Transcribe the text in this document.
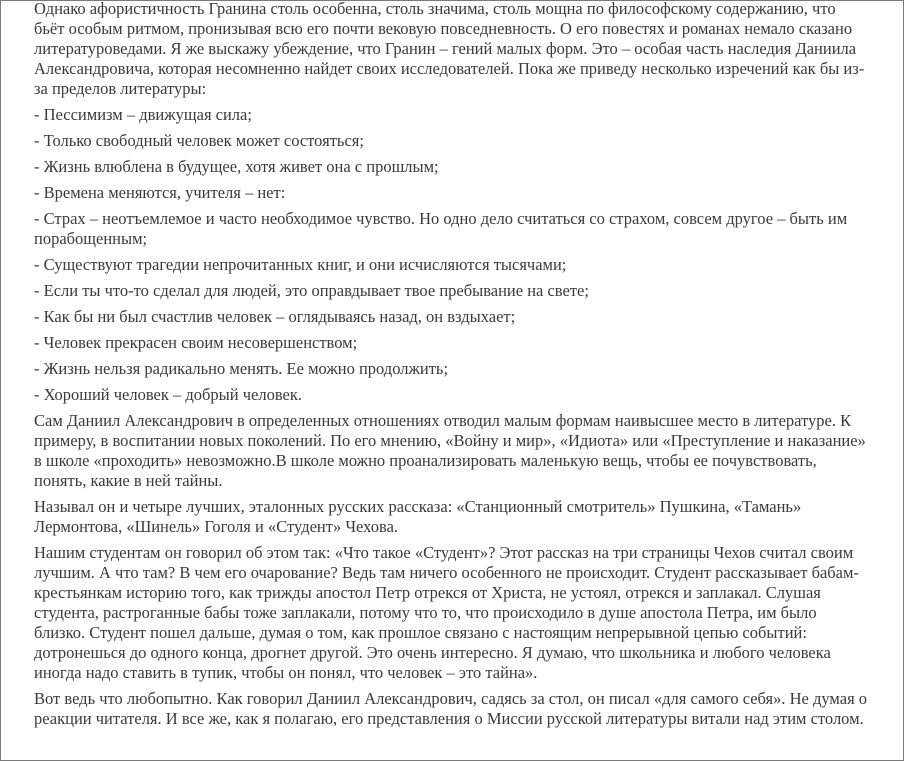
Однако афористичность Гранина столь особенна, столь значима, столь мощна по философскому содержанию, что бьёт особым ритмом, пронизывая всю его почти вековую повседневность. О его повестях и романах немало сказано литературоведами. Я же выскажу убеждение, что Гранин – гений малых форм. Это – особая часть наследия Даниила Александровича, которая несомненно найдет своих исследователей. Пока же приведу несколько изречений как бы из-за пределов литературы:

- Пессимизм – движущая сила;

- Только свободный человек может состояться;

- Жизнь влюблена в будущее, хотя живет она с прошлым;

- Времена меняются, учителя – нет:

- Страх – неотъемлемое и часто необходимое чувство. Но одно дело считаться со страхом, совсем другое – быть им порабощенным;

- Существуют трагедии непрочитанных книг, и они исчисляются тысячами;

- Если ты что-то сделал для людей, это оправдывает твое пребывание на свете;

- Как бы ни был счастлив человек – оглядываясь назад, он вздыхает;

- Человек прекрасен своим несовершенством;

- Жизнь нельзя радикально менять. Ее можно продолжить;

- Хороший человек – добрый человек.

Сам Даниил Александрович в определенных отношениях отводил малым формам наивысшее место в литературе. К примеру, в воспитании новых поколений. По его мнению, «Войну и мир», «Идиота» или «Преступление и наказание» в школе «проходить» невозможно.В школе можно проанализировать маленькую вещь, чтобы ее почувствовать, понять, какие в ней тайны.

Называл он и четыре лучших, эталонных русских рассказа: «Станционный смотритель» Пушкина, «Тамань» Лермонтова, «Шинель» Гоголя и «Студент» Чехова.

Нашим студентам он говорил об этом так: «Что такое «Студент»? Этот рассказ на три страницы Чехов считал своим лучшим. А что там? В чем его очарование? Ведь там ничего особенного не происходит. Студент рассказывает бабам-крестьянкам историю того, как трижды апостол Петр отрекся от Христа, не устоял, отрекся и заплакал. Слушая студента, растроганные бабы тоже заплакали, потому что то, что происходило в душе апостола Петра, им было близко. Студент пошел дальше, думая о том, как прошлое связано с настоящим непрерывной цепью событий: дотронешься до одного конца, дрогнет другой. Это очень интересно. Я думаю, что школьника и любого человека иногда надо ставить в тупик, чтобы он понял, что человек – это тайна».

Вот ведь что любопытно. Как говорил Даниил Александрович, садясь за стол, он писал «для самого себя». Не думая о реакции читателя. И все же, как я полагаю, его представления о Миссии русской литературы витали над этим столом.
